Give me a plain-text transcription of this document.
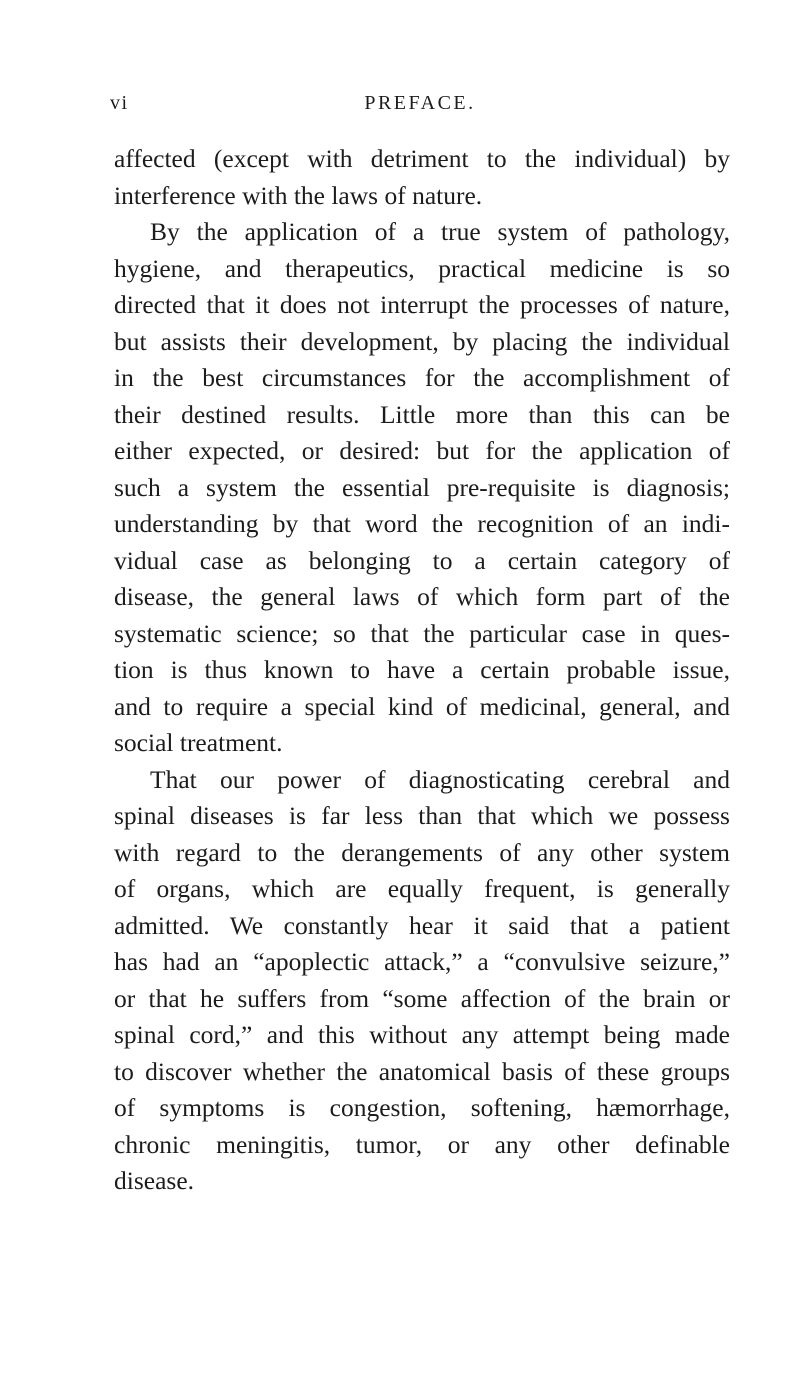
vi	PREFACE.
affected (except with detriment to the individual) by
interference with the laws of nature.
By the application of a true system of pathology,
hygiene, and therapeutics, practical medicine is so
directed that it does not interrupt the processes of nature,
but assists their development, by placing the individual
in the best circumstances for the accomplishment of
their destined results. Little more than this can be
either expected, or desired: but for the application of
such a system the essential pre-requisite is diagnosis;
understanding by that word the recognition of an indi-
vidual case as belonging to a certain category of
disease, the general laws of which form part of the
systematic science; so that the particular case in ques-
tion is thus known to have a certain probable issue,
and to require a special kind of medicinal, general, and
social treatment.
That our power of diagnosticating cerebral and
spinal diseases is far less than that which we possess
with regard to the derangements of any other system
of organs, which are equally frequent, is generally
admitted. We constantly hear it said that a patient
has had an “apoplectic attack,” a “convulsive seizure,”
or that he suffers from “some affection of the brain or
spinal cord,” and this without any attempt being made
to discover whether the anatomical basis of these groups
of symptoms is congestion, softening, hæmorrhage,
chronic meningitis, tumor, or any other definable
disease.
